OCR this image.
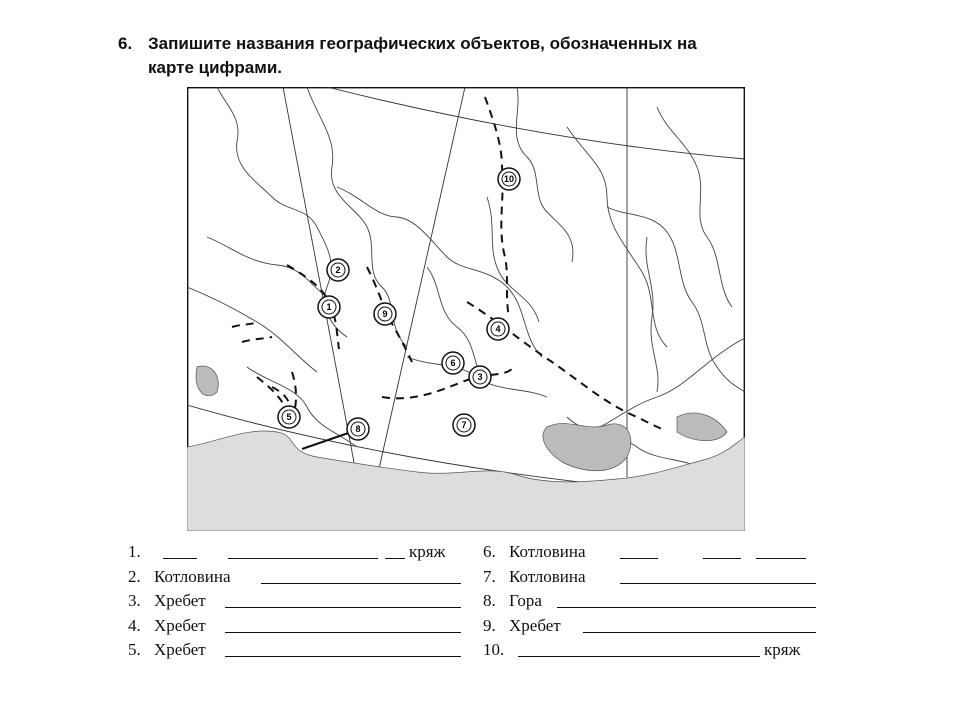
6. Запишите названия географических объектов, обозначенных на
карте цифрами.
10
2
1
9
4
6
3
5
7
8
1.	кряж
2. Котловина
3. Хребет
4. Хребет
5. Хребет
6. Котловина
7. Котловина
8. Гора
9. Хребет
10.	кряж
